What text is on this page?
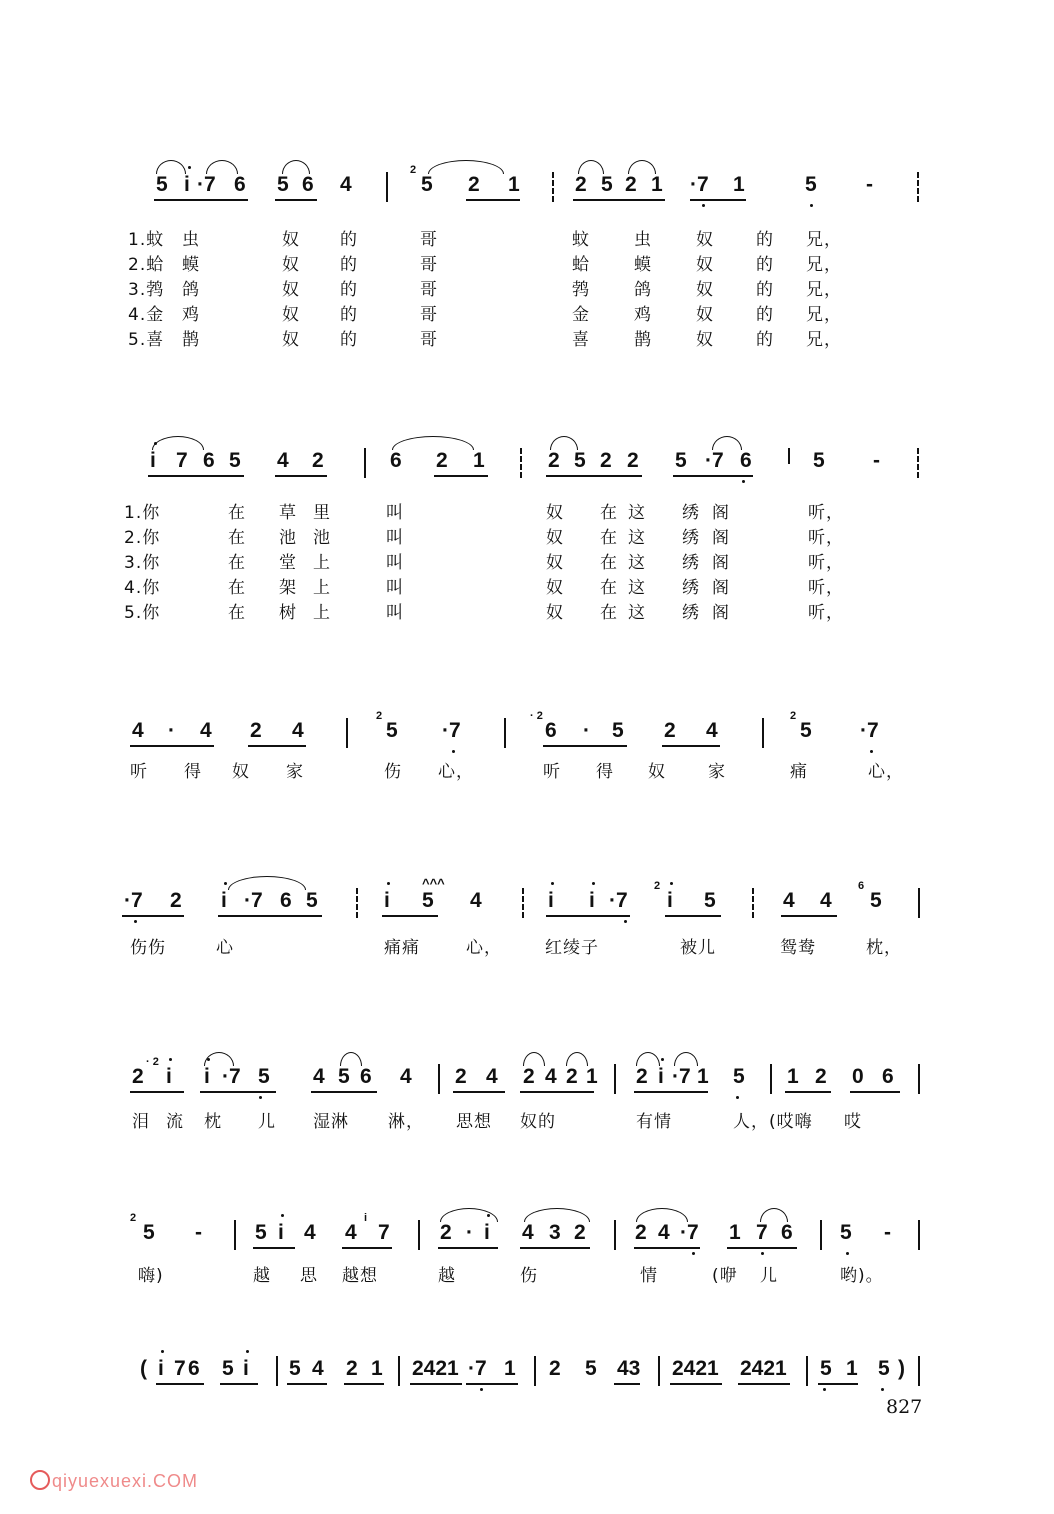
2
5 i ·7 6 5 6 4	5 2 1	2 5 2 1 ·7 1	5 -
1.蚊 虫	奴 的	哥	蚊	虫	奴 的 兄，
2.蛤 蟆	奴 的	哥	蛤	蟆	奴 的 兄，
3.鹁 鸽	奴 的	哥	鹁	鸽	奴 的 兄，
4.金 鸡	奴 的	哥	金	鸡	奴 的 兄，
5.喜 鹊	奴 的	哥	喜	鹊	奴 的 兄，
i 7 6 5 4 2	6 2 1	2 5 2 2 5 ·7 6	5 -
1.你	在 草 里	叫	奴 在 这 绣 阁	听，
2.你	在 池 池	叫	奴 在 这 绣 阁	听，
3.你	在 堂 上	叫	奴 在 这 绣 阁	听，
4.你	在 架 上	叫	奴 在 这 绣 阁	听，
5.你	在 树 上	叫	奴 在 这 绣 阁	听，
2	· 2	2
4 · 4 2 4	5 ·7	6 · 5 2 4	5 ·7
听 得 奴 家	伤 心，	听 得 奴 家	痛	心，
^^^	2	6
·7 2 i ·7 6 5	i 5 4	i i ·7 i 5	4 4 5
伤伤	心	痛痛	心，	红绫子	被儿	鸳鸯	枕，
· 2
2 i i ·7 5 4 5 6 4 2 4 2 4 2 1 2 i ·7 1 5 1 2 0 6
泪 流 枕 儿 湿淋 淋， 思想 奴的	有情	人，(哎嗨 哎
2	i
5 -	5 i 4 4 7 2 · i 4 3 2 2 4 ·7 1 7 6 5 -
嗨)	越 思 越想	越	伤	情	(咿 儿	哟)。
( i 7 6 5 i 5 4 2 1 2421 ·7 1 2 5 43 2421 2421 5 1 5 )
827
qiyuexuexi.COM
